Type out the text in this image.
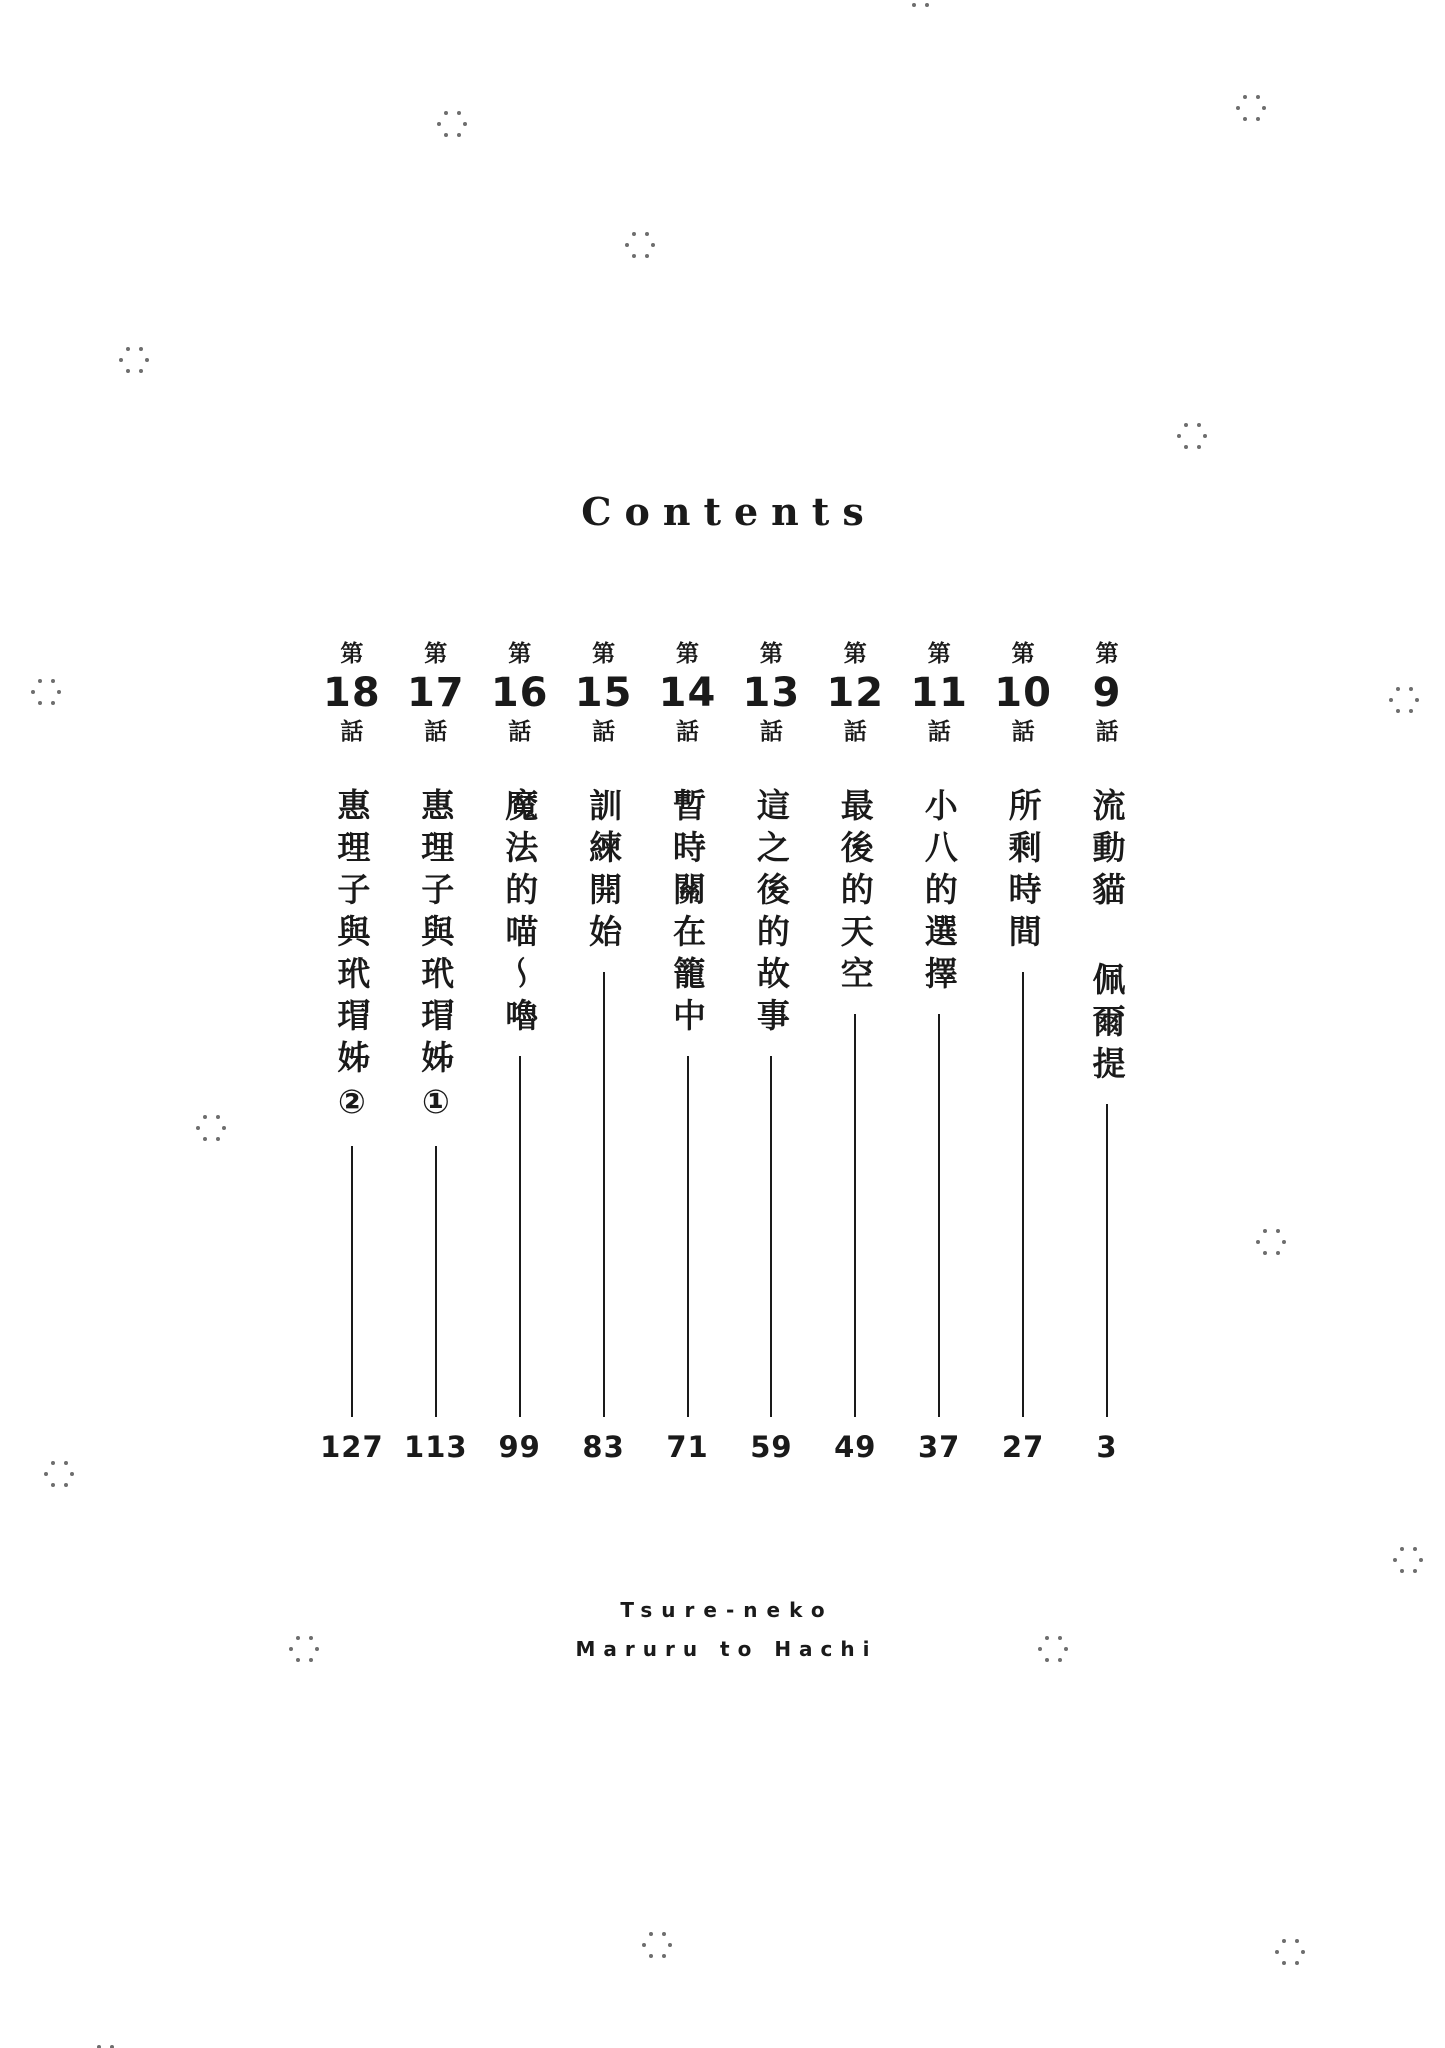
Contents
第
9
話
流動貓 佩爾提
3
第
10
話
所剩時間
27
第
11
話
小八的選擇
37
第
12
話
最後的天空
49
第
13
話
這之後的故事
59
第
14
話
暫時關在籠中
71
第
15
話
訓練開始
83
第
16
話
魔法的喵～嚕
99
第
17
話
惠理子與玳瑁姊①
113
第
18
話
惠理子與玳瑁姊②
127
Tsure-neko
Maruru to Hachi
